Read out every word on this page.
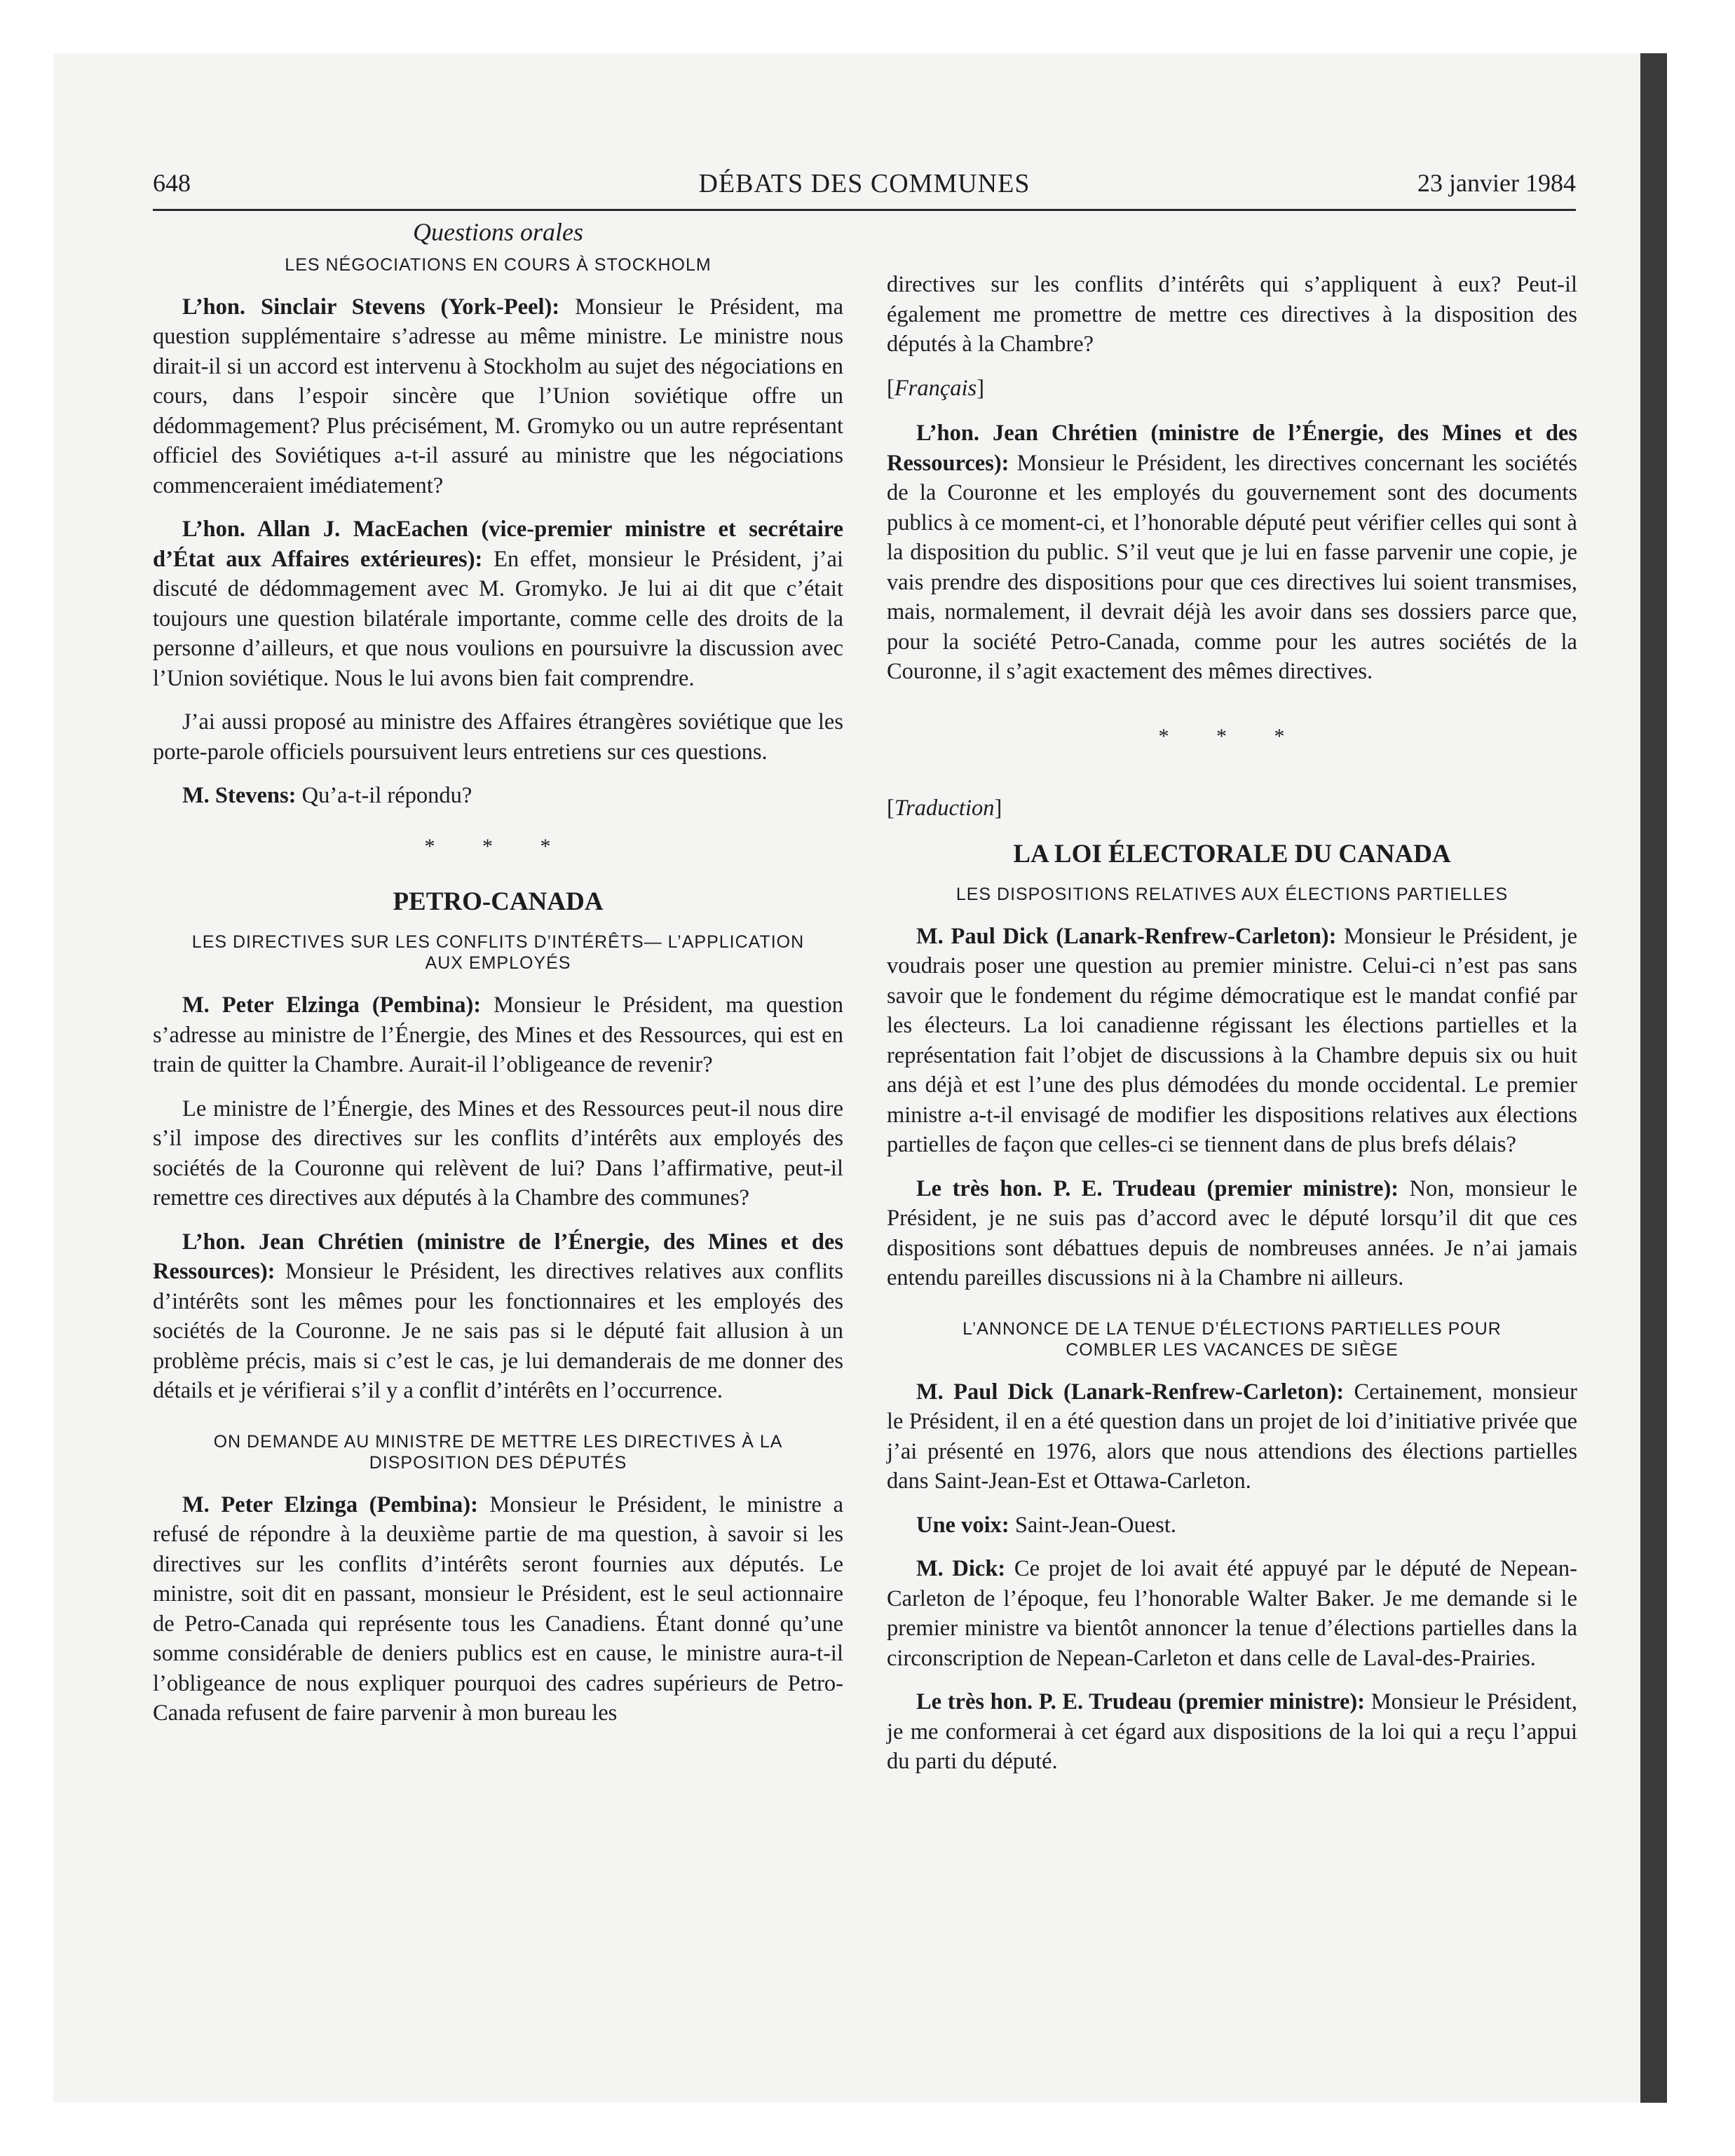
648	DÉBATS DES COMMUNES	23 janvier 1984
Questions orales
LES NÉGOCIATIONS EN COURS À STOCKHOLM

L’hon. Sinclair Stevens (York-Peel): Monsieur le Président, ma question supplémentaire s’adresse au même ministre. Le ministre nous dirait-il si un accord est intervenu à Stockholm au sujet des négociations en cours, dans l’espoir sincère que l’Union soviétique offre un dédommagement? Plus précisément, M. Gromyko ou un autre représentant officiel des Soviétiques a-t-il assuré au ministre que les négociations commenceraient imédiatement?

L’hon. Allan J. MacEachen (vice-premier ministre et secrétaire d’État aux Affaires extérieures): En effet, monsieur le Président, j’ai discuté de dédommagement avec M. Gromyko. Je lui ai dit que c’était toujours une question bilatérale importante, comme celle des droits de la personne d’ailleurs, et que nous voulions en poursuivre la discussion avec l’Union soviétique. Nous le lui avons bien fait comprendre.

J’ai aussi proposé au ministre des Affaires étrangères soviétique que les porte-parole officiels poursuivent leurs entretiens sur ces questions.

M. Stevens: Qu’a-t-il répondu?

* * *
PETRO-CANADA
LES DIRECTIVES SUR LES CONFLITS D’INTÉRÊTS— L’APPLICATION AUX EMPLOYÉS

M. Peter Elzinga (Pembina): Monsieur le Président, ma question s’adresse au ministre de l’Énergie, des Mines et des Ressources, qui est en train de quitter la Chambre. Aurait-il l’obligeance de revenir?

Le ministre de l’Énergie, des Mines et des Ressources peut-il nous dire s’il impose des directives sur les conflits d’intérêts aux employés des sociétés de la Couronne qui relèvent de lui? Dans l’affirmative, peut-il remettre ces directives aux députés à la Chambre des communes?

L’hon. Jean Chrétien (ministre de l’Énergie, des Mines et des Ressources): Monsieur le Président, les directives relatives aux conflits d’intérêts sont les mêmes pour les fonctionnaires et les employés des sociétés de la Couronne. Je ne sais pas si le député fait allusion à un problème précis, mais si c’est le cas, je lui demanderais de me donner des détails et je vérifierai s’il y a conflit d’intérêts en l’occurrence.

ON DEMANDE AU MINISTRE DE METTRE LES DIRECTIVES À LA DISPOSITION DES DÉPUTÉS

M. Peter Elzinga (Pembina): Monsieur le Président, le ministre a refusé de répondre à la deuxième partie de ma question, à savoir si les directives sur les conflits d’intérêts seront fournies aux députés. Le ministre, soit dit en passant, monsieur le Président, est le seul actionnaire de Petro-Canada qui représente tous les Canadiens. Étant donné qu’une somme considérable de deniers publics est en cause, le ministre aura-t-il l’obligeance de nous expliquer pourquoi des cadres supérieurs de Petro-Canada refusent de faire parvenir à mon bureau les

directives sur les conflits d’intérêts qui s’appliquent à eux? Peut-il également me promettre de mettre ces directives à la disposition des députés à la Chambre?

[Français]

L’hon. Jean Chrétien (ministre de l’Énergie, des Mines et des Ressources): Monsieur le Président, les directives concernant les sociétés de la Couronne et les employés du gouvernement sont des documents publics à ce moment-ci, et l’honorable député peut vérifier celles qui sont à la disposition du public. S’il veut que je lui en fasse parvenir une copie, je vais prendre des dispositions pour que ces directives lui soient transmises, mais, normalement, il devrait déjà les avoir dans ses dossiers parce que, pour la société Petro-Canada, comme pour les autres sociétés de la Couronne, il s’agit exactement des mêmes directives.

* * *
[Traduction]
LA LOI ÉLECTORALE DU CANADA
LES DISPOSITIONS RELATIVES AUX ÉLECTIONS PARTIELLES

M. Paul Dick (Lanark-Renfrew-Carleton): Monsieur le Président, je voudrais poser une question au premier ministre. Celui-ci n’est pas sans savoir que le fondement du régime démocratique est le mandat confié par les électeurs. La loi canadienne régissant les élections partielles et la représentation fait l’objet de discussions à la Chambre depuis six ou huit ans déjà et est l’une des plus démodées du monde occidental. Le premier ministre a-t-il envisagé de modifier les dispositions relatives aux élections partielles de façon que celles-ci se tiennent dans de plus brefs délais?

Le très hon. P. E. Trudeau (premier ministre): Non, monsieur le Président, je ne suis pas d’accord avec le député lorsqu’il dit que ces dispositions sont débattues depuis de nombreuses années. Je n’ai jamais entendu pareilles discussions ni à la Chambre ni ailleurs.

L’ANNONCE DE LA TENUE D’ÉLECTIONS PARTIELLES POUR COMBLER LES VACANCES DE SIÈGE

M. Paul Dick (Lanark-Renfrew-Carleton): Certainement, monsieur le Président, il en a été question dans un projet de loi d’initiative privée que j’ai présenté en 1976, alors que nous attendions des élections partielles dans Saint-Jean-Est et Ottawa-Carleton.

Une voix: Saint-Jean-Ouest.

M. Dick: Ce projet de loi avait été appuyé par le député de Nepean-Carleton de l’époque, feu l’honorable Walter Baker. Je me demande si le premier ministre va bientôt annoncer la tenue d’élections partielles dans la circonscription de Nepean-Carleton et dans celle de Laval-des-Prairies.

Le très hon. P. E. Trudeau (premier ministre): Monsieur le Président, je me conformerai à cet égard aux dispositions de la loi qui a reçu l’appui du parti du député.
